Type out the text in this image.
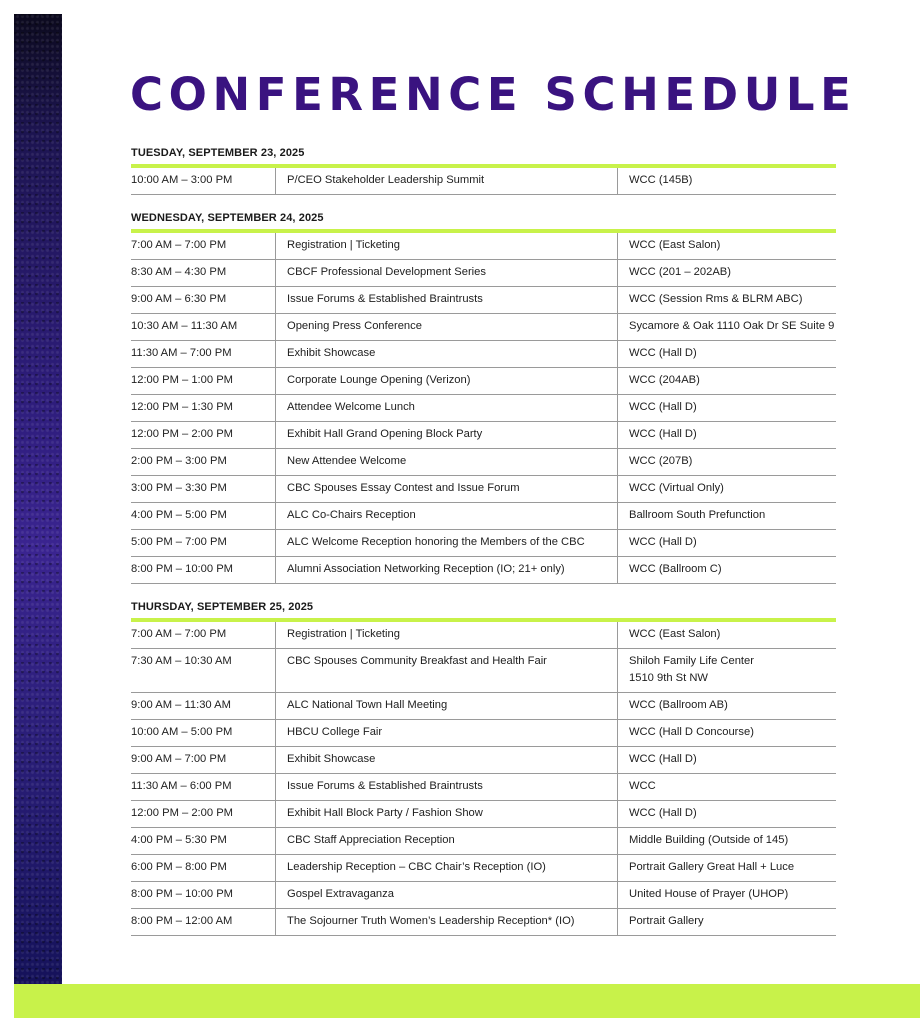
CONFERENCE SCHEDULE
TUESDAY, SEPTEMBER 23, 2025
10:00 AM – 3:00 PM	P/CEO Stakeholder Leadership Summit	WCC (145B)
WEDNESDAY, SEPTEMBER 24, 2025
7:00 AM – 7:00 PM	Registration | Ticketing	WCC (East Salon)
8:30 AM – 4:30 PM	CBCF Professional Development Series	WCC (201 – 202AB)
9:00 AM – 6:30 PM	Issue Forums & Established Braintrusts	WCC (Session Rms & BLRM ABC)
10:30 AM – 11:30 AM	Opening Press Conference	Sycamore & Oak 1110 Oak Dr SE Suite 9
11:30 AM – 7:00 PM	Exhibit Showcase	WCC (Hall D)
12:00 PM – 1:00 PM	Corporate Lounge Opening (Verizon)	WCC (204AB)
12:00 PM – 1:30 PM	Attendee Welcome Lunch	WCC (Hall D)
12:00 PM – 2:00 PM	Exhibit Hall Grand Opening Block Party	WCC (Hall D)
2:00 PM – 3:00 PM	New Attendee Welcome	WCC (207B)
3:00 PM – 3:30 PM	CBC Spouses Essay Contest and Issue Forum	WCC (Virtual Only)
4:00 PM – 5:00 PM	ALC Co-Chairs Reception	Ballroom South Prefunction
5:00 PM – 7:00 PM	ALC Welcome Reception honoring the Members of the CBC	WCC (Hall D)
8:00 PM – 10:00 PM	Alumni Association Networking Reception (IO; 21+ only)	WCC (Ballroom C)
THURSDAY, SEPTEMBER 25, 2025
7:00 AM – 7:00 PM	Registration | Ticketing	WCC (East Salon)
7:30 AM – 10:30 AM	CBC Spouses Community Breakfast and Health Fair	Shiloh Family Life Center
1510 9th St NW
9:00 AM – 11:30 AM	ALC National Town Hall Meeting	WCC (Ballroom AB)
10:00 AM – 5:00 PM	HBCU College Fair	WCC (Hall D Concourse)
9:00 AM – 7:00 PM	Exhibit Showcase	WCC (Hall D)
11:30 AM – 6:00 PM	Issue Forums & Established Braintrusts	WCC
12:00 PM – 2:00 PM	Exhibit Hall Block Party / Fashion Show	WCC (Hall D)
4:00 PM – 5:30 PM	CBC Staff Appreciation Reception	Middle Building (Outside of 145)
6:00 PM – 8:00 PM	Leadership Reception – CBC Chair’s Reception (IO)	Portrait Gallery Great Hall + Luce
8:00 PM – 10:00 PM	Gospel Extravaganza	United House of Prayer (UHOP)
8:00 PM – 12:00 AM	The Sojourner Truth Women’s Leadership Reception* (IO)	Portrait Gallery
